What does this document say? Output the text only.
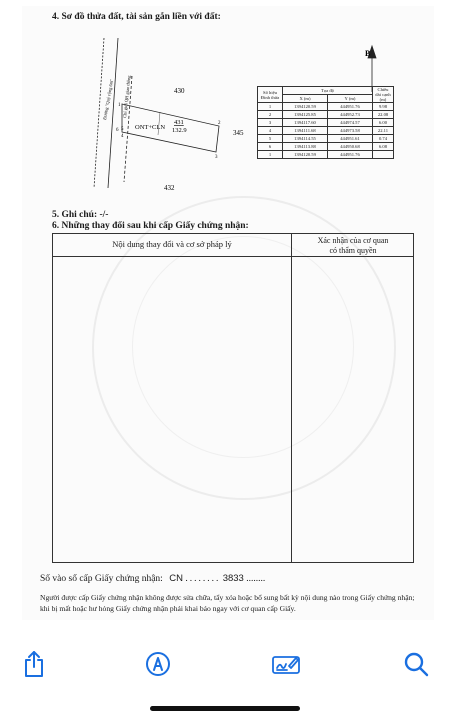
4. Sơ đồ thửa đất, tài sản gắn liền với đất:
B
430
432
345
ONT+CLN
431
132.9
Đường "Quý rộng 6m" Chỉ giới QH giao thông
1
2
3
4
5
6
Số hiệu Đỉnh thửa	Tọa độ		Chiều dài cạnh (m)
	X (m)	Y (m)	
1	1394120.59	444951.76	9.98
2	1394125.85	444952.73	22.08
3	1394117.60	444974.57	6.00
4	1394111.68	444973.58	22.11
5	1394114.55	444951.61	0.74
6	1394113.88	444950.68	6.08
1	1394120.59	444951.76	
5. Ghi chú: -/-
6. Những thay đổi sau khi cấp Giấy chứng nhận:
Nội dung thay đổi và cơ sở pháp lý	Xác nhận của cơ quan
có thẩm quyền
Số vào sổ cấp Giấy chứng nhận: CN ........ 3833 ........
Người được cấp Giấy chứng nhận không được sửa chữa, tẩy xóa hoặc bổ sung bất kỳ nội dung nào trong Giấy chứng nhận; khi bị mất hoặc hư hỏng Giấy chứng nhận phải khai báo ngay với cơ quan cấp Giấy.
